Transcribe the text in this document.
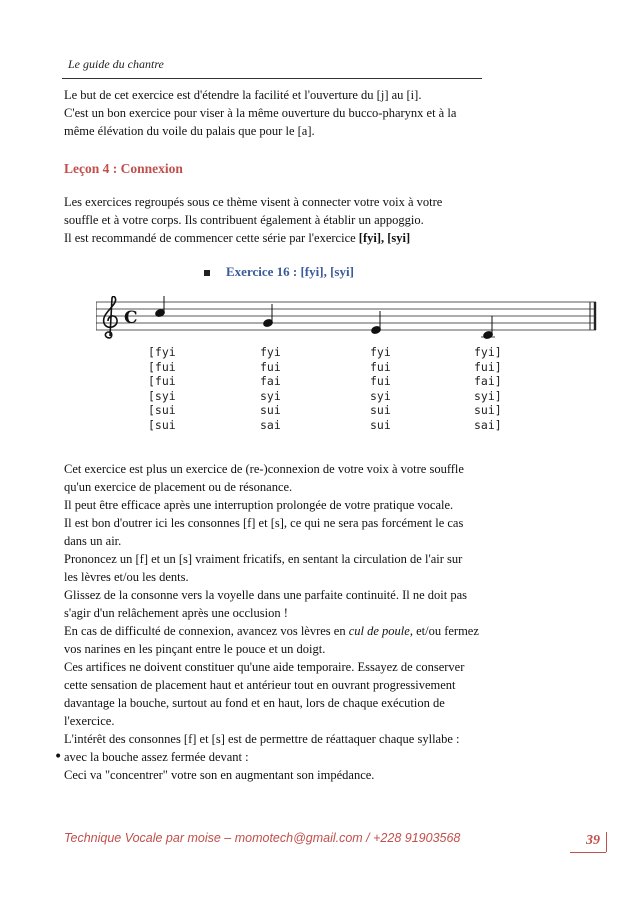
Le guide du chantre
Le but de cet exercice est d'étendre la facilité et l'ouverture du [j] au [i].
C'est un bon exercice pour viser à la même ouverture du bucco-pharynx et à la
même élévation du voile du palais que pour le [a].
Leçon 4 : Connexion
Les exercices regroupés sous ce thème visent à connecter votre voix à votre
souffle et à votre corps. Ils contribuent également à établir un appoggio.
Il est recommandé de commencer cette série par l'exercice [fyi], [syi]
Exercice 16 : [fyi], [syi]
C
[fyi
[fui
[fui
[syi
[sui
[sui
fyi
fui
fai
syi
sui
sai
fyi
fui
fui
syi
sui
sui
fyi]
fui]
fai]
syi]
sui]
sai]
Cet exercice est plus un exercice de (re-)connexion de votre voix à votre souffle
qu'un exercice de placement ou de résonance.
Il peut être efficace après une interruption prolongée de votre pratique vocale.
Il est bon d'outrer ici les consonnes [f] et [s], ce qui ne sera pas forcément le cas
dans un air.
Prononcez un [f] et un [s] vraiment fricatifs, en sentant la circulation de l'air sur
les lèvres et/ou les dents.
Glissez de la consonne vers la voyelle dans une parfaite continuité. Il ne doit pas
s'agir d'un relâchement après une occlusion !
En cas de difficulté de connexion, avancez vos lèvres en cul de poule, et/ou fermez
vos narines en les pinçant entre le pouce et un doigt.
Ces artifices ne doivent constituer qu'une aide temporaire. Essayez de conserver
cette sensation de placement haut et antérieur tout en ouvrant progressivement
davantage la bouche, surtout au fond et en haut, lors de chaque exécution de
l'exercice.
L'intérêt des consonnes [f] et [s] est de permettre de réattaquer chaque syllabe :
avec la bouche assez fermée devant :
Ceci va "concentrer" votre son en augmentant son impédance.
•
Technique Vocale par moise – momotech@gmail.com / +228 91903568	39
